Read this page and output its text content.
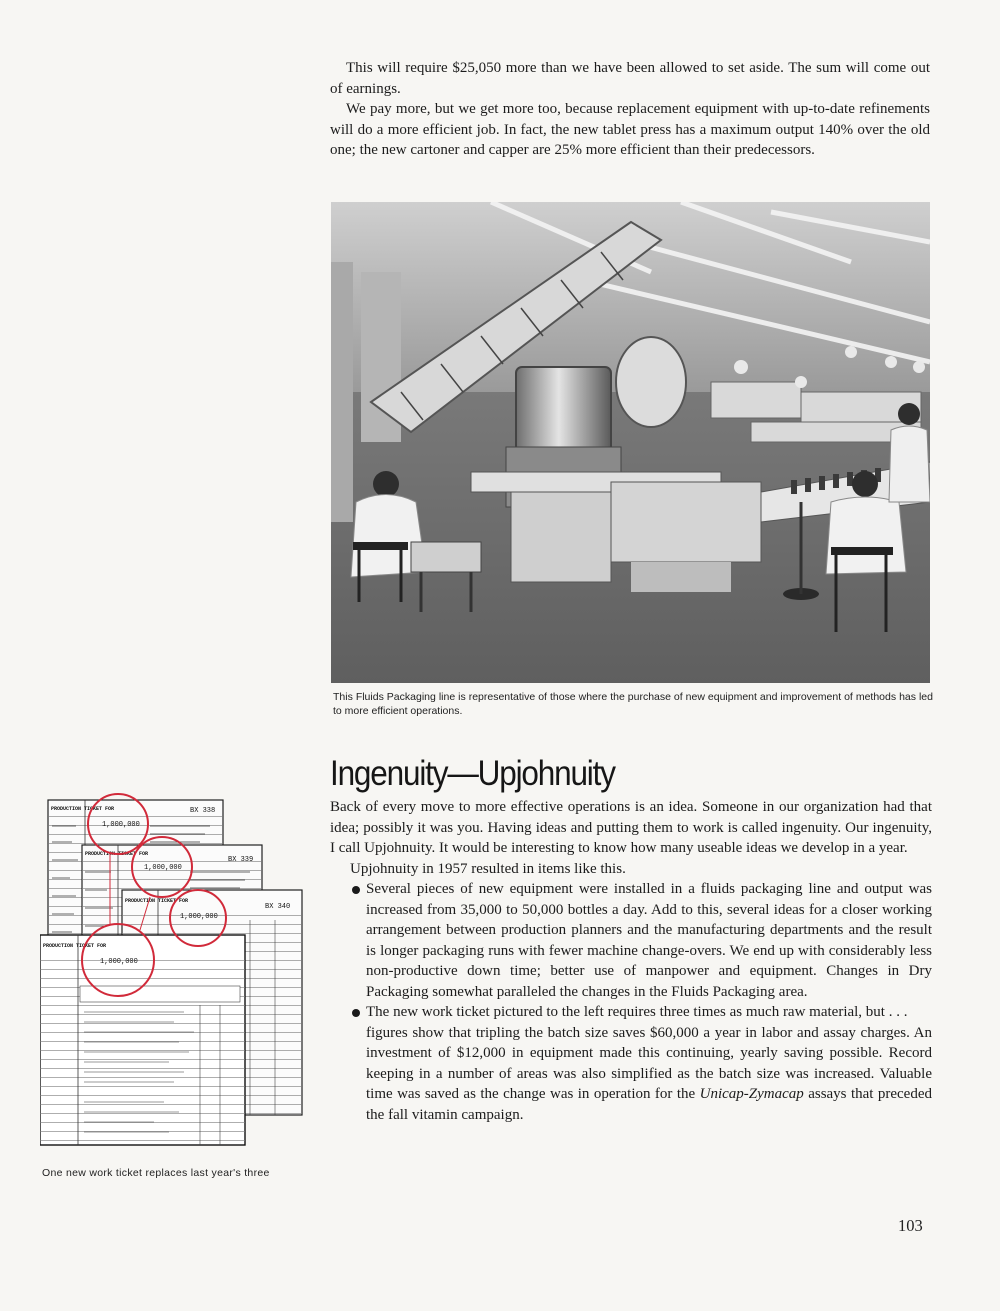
This will require $25,050 more than we have been allowed to set aside. The sum will come out of earnings.

We pay more, but we get more too, because replacement equipment with up-to-date refinements will do a more efficient job. In fact, the new tablet press has a maximum output 140% over the old one; the new cartoner and capper are 25% more efficient than their predecessors.

This Fluids Packaging line is representative of those where the purchase of new equipment and improvement of methods has led to more efficient operations.
Ingenuity—Upjohnuity

Back of every move to more effective operations is an idea. Someone in our organization had that idea; possibly it was you. Having ideas and putting them to work is called ingenuity. Our ingenuity, I call Upjohnuity. It would be interesting to know how many useable ideas we develop in a year.

Upjohnuity in 1957 resulted in items like this.

Several pieces of new equipment were installed in a fluids packaging line and output was increased from 35,000 to 50,000 bottles a day. Add to this, several ideas for a closer working arrangement between production planners and the manufacturing departments and the result is longer packaging runs with fewer machine change-overs. We end up with considerably less non-productive down time; better use of manpower and equipment. Changes in Dry Packaging somewhat paralleled the changes in the Fluids Packaging area.

The new work ticket pictured to the left requires three times as much raw material, but . . .

figures show that tripling the batch size saves $60,000 a year in labor and assay charges. An investment of $12,000 in equipment made this continuing, yearly saving possible. Record keeping in a number of areas was also simplified as the batch size was increased. Valuable time was saved as the change was in operation for the Unicap-Zymacap assays that preceded the fall vitamin campaign.

PRODUCTION TICKET FOR	BX 338
PRODUCTION TICKET FOR
BX 339
PRODUCTION TICKET FOR
BX 340
PRODUCTION TICKET FOR
1,000,000
1,000,000
1,000,000
1,000,000
One new work ticket replaces last year's three
103
